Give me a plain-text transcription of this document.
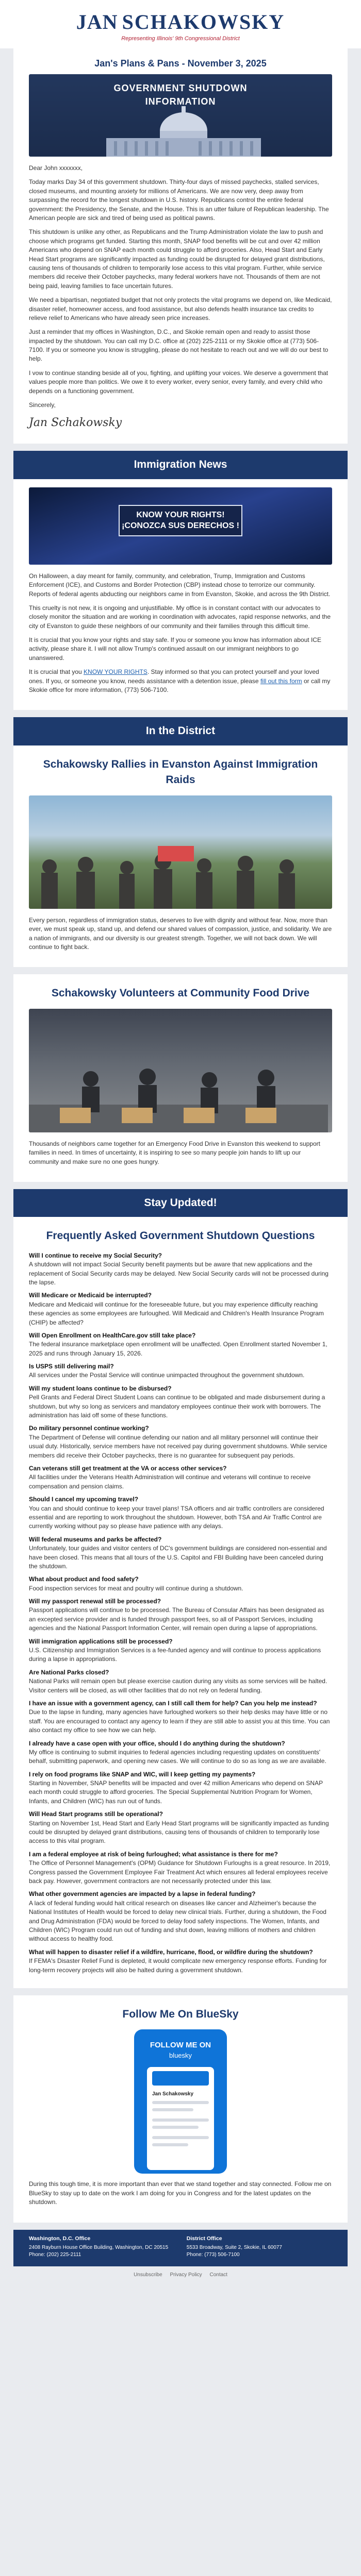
JAN SCHAKOWSKY
Representing Illinois' 9th Congressional District
Jan's Plans & Pans - November 3, 2025
GOVERNMENT SHUTDOWN
INFORMATION

Dear John xxxxxxx,

Today marks Day 34 of this government shutdown. Thirty-four days of missed paychecks, stalled services, closed museums, and mounting anxiety for millions of Americans. We are now very, deep away from surpassing the record for the longest shutdown in U.S. history. Republicans control the entire federal government: the Presidency, the Senate, and the House. This is an utter failure of Republican leadership. The American people are sick and tired of being used as political pawns.

This shutdown is unlike any other, as Republicans and the Trump Administration violate the law to push and choose which programs get funded. Starting this month, SNAP food benefits will be cut and over 42 million Americans who depend on SNAP each month could struggle to afford groceries. Also, Head Start and Early Head Start programs are significantly impacted as funding could be disrupted for delayed grant distributions, causing tens of thousands of children to temporarily lose access to this vital program. Further, while service members did receive their October paychecks, many federal workers have not. Thousands of them are not being paid, leaving families to face uncertain futures.

We need a bipartisan, negotiated budget that not only protects the vital programs we depend on, like Medicaid, disaster relief, homeowner access, and food assistance, but also defends health insurance tax credits to relieve relief to Americans who have already seen price increases.

Just a reminder that my offices in Washington, D.C., and Skokie remain open and ready to assist those impacted by the shutdown. You can call my D.C. office at (202) 225-2111 or my Skokie office at (773) 506-7100. If you or someone you know is struggling, please do not hesitate to reach out and we will do our best to help.

I vow to continue standing beside all of you, fighting, and uplifting your voices. We deserve a government that values people more than politics. We owe it to every worker, every senior, every family, and every child who depends on a functioning government.

Sincerely,

Jan Schakowsky
Immigration News
KNOW YOUR RIGHTS!
¡CONOZCA SUS DERECHOS !

On Halloween, a day meant for family, community, and celebration, Trump, Immigration and Customs Enforcement (ICE), and Customs and Border Protection (CBP) instead chose to terrorize our community. Reports of federal agents abducting our neighbors came in from Evanston, Skokie, and across the 9th District.

This cruelty is not new, it is ongoing and unjustifiable. My office is in constant contact with our advocates to closely monitor the situation and are working in coordination with advocates, rapid response networks, and the city of Evanston to guide these neighbors of our community and their families through this difficult time.

It is crucial that you know your rights and stay safe. If you or someone you know has information about ICE activity, please share it. I will not allow Trump's continued assault on our immigrant neighbors to go unanswered.

It is crucial that you KNOW YOUR RIGHTS. Stay informed so that you can protect yourself and your loved ones. If you, or someone you know, needs assistance with a detention issue, please fill out this form or call my Skokie office for more information, (773) 506-7100.

In the District
Schakowsky Rallies in Evanston Against Immigration Raids

Every person, regardless of immigration status, deserves to live with dignity and without fear. Now, more than ever, we must speak up, stand up, and defend our shared values of compassion, justice, and solidarity. We are a nation of immigrants, and our diversity is our greatest strength. Together, we will not back down. We will continue to fight back.

Schakowsky Volunteers at Community Food Drive

Thousands of neighbors came together for an Emergency Food Drive in Evanston this weekend to support families in need. In times of uncertainty, it is inspiring to see so many people join hands to lift up our community and make sure no one goes hungry.

Stay Updated!
Frequently Asked Government Shutdown Questions
Will I continue to receive my Social Security?
A shutdown will not impact Social Security benefit payments but be aware that new applications and the replacement of Social Security cards may be delayed. New Social Security cards will not be processed during the lapse.
Will Medicare or Medicaid be interrupted?
Medicare and Medicaid will continue for the foreseeable future, but you may experience difficulty reaching these agencies as some employees are furloughed. Will Medicaid and Children's Health Insurance Program (CHIP) be affected?
Will Open Enrollment on HealthCare.gov still take place?
The federal insurance marketplace open enrollment will be unaffected. Open Enrollment started November 1, 2025 and runs through January 15, 2026.
Is USPS still delivering mail?
All services under the Postal Service will continue unimpacted throughout the government shutdown.
Will my student loans continue to be disbursed?
Pell Grants and Federal Direct Student Loans can continue to be obligated and made disbursement during a shutdown, but why so long as servicers and mandatory employees continue their work with borrowers. The administration has laid off some of these functions.
Do military personnel continue working?
The Department of Defense will continue defending our nation and all military personnel will continue their usual duty. Historically, service members have not received pay during government shutdowns. While service members did receive their October paychecks, there is no guarantee for subsequent pay periods.
Can veterans still get treatment at the VA or access other services?
All facilities under the Veterans Health Administration will continue and veterans will continue to receive compensation and pension claims.
Should I cancel my upcoming travel?
You can and should continue to keep your travel plans! TSA officers and air traffic controllers are considered essential and are reporting to work throughout the shutdown. However, both TSA and Air Traffic Control are currently working without pay so please have patience with any delays.
Will federal museums and parks be affected?
Unfortunately, tour guides and visitor centers of DC's government buildings are considered non-essential and have been closed. This means that all tours of the U.S. Capitol and FBI Building have been canceled during the shutdown.
What about product and food safety?
Food inspection services for meat and poultry will continue during a shutdown.
Will my passport renewal still be processed?
Passport applications will continue to be processed. The Bureau of Consular Affairs has been designated as an excepted service provider and is funded through passport fees, so all of Passport Services, including agencies and the National Passport Information Center, will remain open during a lapse of appropriations.
Will immigration applications still be processed?
U.S. Citizenship and Immigration Services is a fee-funded agency and will continue to process applications during a lapse in appropriations.
Are National Parks closed?
National Parks will remain open but please exercise caution during any visits as some services will be halted. Visitor centers will be closed, as will other facilities that do not rely on federal funding.
I have an issue with a government agency, can I still call them for help? Can you help me instead?
Due to the lapse in funding, many agencies have furloughed workers so their help desks may have little or no staff. You are encouraged to contact any agency to learn if they are still able to assist you at this time. You can also contact my office to see how we can help.
I already have a case open with your office, should I do anything during the shutdown?
My office is continuing to submit inquiries to federal agencies including requesting updates on constituents' behalf, submitting paperwork, and opening new cases. We will continue to do so as long as we are available.
I rely on food programs like SNAP and WIC, will I keep getting my payments?
Starting in November, SNAP benefits will be impacted and over 42 million Americans who depend on SNAP each month could struggle to afford groceries. The Special Supplemental Nutrition Program for Women, Infants, and Children (WIC) has run out of funds.
Will Head Start programs still be operational?
Starting on November 1st, Head Start and Early Head Start programs will be significantly impacted as funding could be disrupted by delayed grant distributions, causing tens of thousands of children to temporarily lose access to this vital program.
I am a federal employee at risk of being furloughed; what assistance is there for me?
The Office of Personnel Management's (OPM) Guidance for Shutdown Furloughs is a great resource. In 2019, Congress passed the Government Employee Fair Treatment Act which ensures all federal employees receive back pay. However, government contractors are not necessarily protected under this law.
What other government agencies are impacted by a lapse in federal funding?
A lack of federal funding would halt critical research on diseases like cancer and Alzheimer's because the National Institutes of Health would be forced to delay new clinical trials. Further, during a shutdown, the Food and Drug Administration (FDA) would be forced to delay food safety inspections. The Women, Infants, and Children (WIC) Program could run out of funding and shut down, leaving millions of mothers and children without access to healthy food.
What will happen to disaster relief if a wildfire, hurricane, flood, or wildfire during the shutdown?
If FEMA's Disaster Relief Fund is depleted, it would complicate new emergency response efforts. Funding for long-term recovery projects will also be halted during a government shutdown.
Follow Me On BlueSky
FOLLOW ME ON
bluesky
Jan Schakowsky

During this tough time, it is more important than ever that we stand together and stay connected. Follow me on BlueSky to stay up to date on the work I am doing for you in Congress and for the latest updates on the shutdown.

Washington, D.C. Office
2408 Rayburn House Office Building, Washington, DC 20515
Phone: (202) 225-2111
District Office
5533 Broadway, Suite 2, Skokie, IL 60077
Phone: (773) 506-7100
Unsubscribe Privacy Policy Contact
